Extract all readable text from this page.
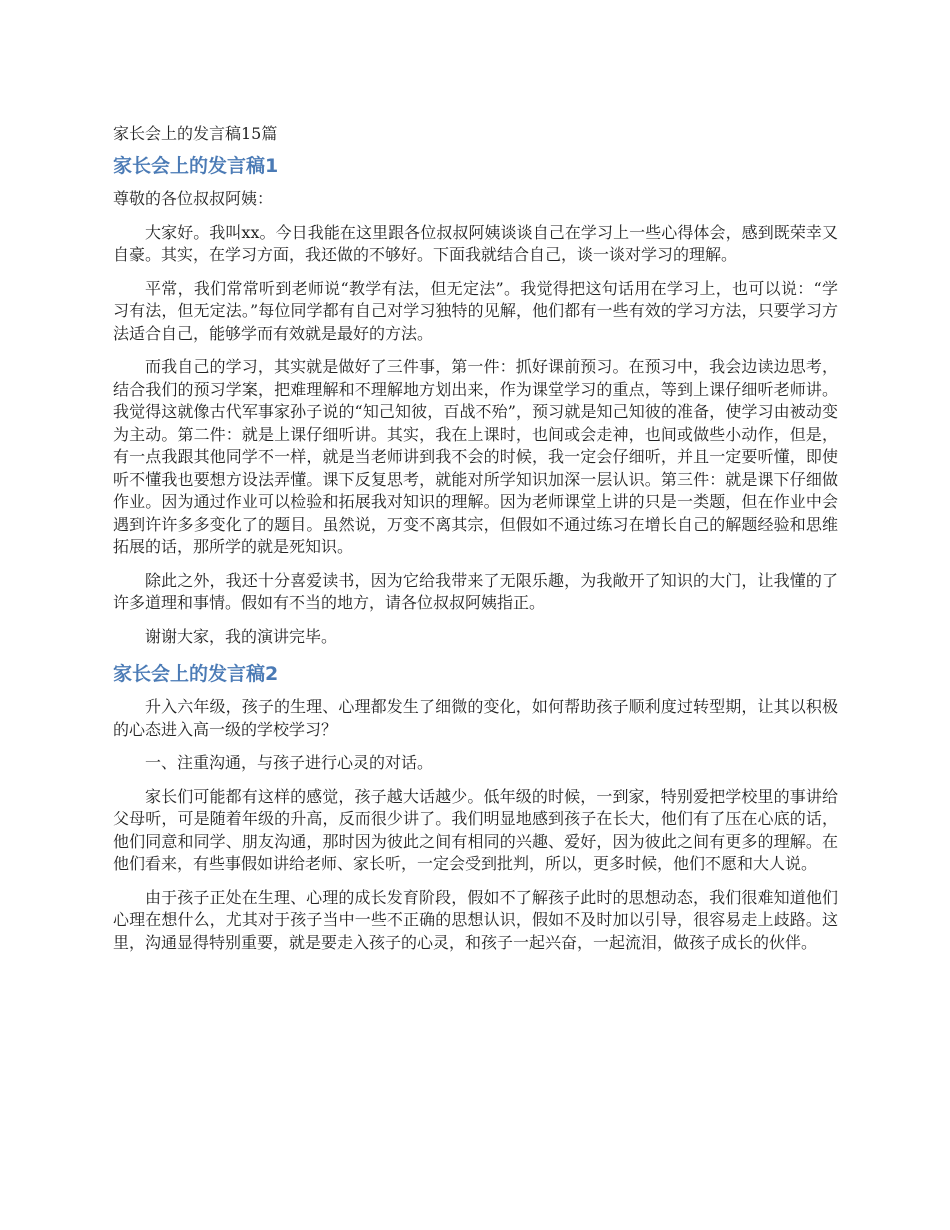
家长会上的发言稿15篇
家长会上的发言稿1
尊敬的各位叔叔阿姨：

大家好。我叫xx。今日我能在这里跟各位叔叔阿姨谈谈自己在学习上一些心得体会，感到既荣幸又自豪。其实，在学习方面，我还做的不够好。下面我就结合自己，谈一谈对学习的理解。

平常，我们常常听到老师说“教学有法，但无定法”。我觉得把这句话用在学习上，也可以说：“学习有法，但无定法。”每位同学都有自己对学习独特的见解，他们都有一些有效的学习方法，只要学习方法适合自己，能够学而有效就是最好的方法。

而我自己的学习，其实就是做好了三件事，第一件：抓好课前预习。在预习中，我会边读边思考，结合我们的预习学案，把难理解和不理解地方划出来，作为课堂学习的重点，等到上课仔细听老师讲。我觉得这就像古代军事家孙子说的“知己知彼，百战不殆”，预习就是知己知彼的准备，使学习由被动变为主动。第二件：就是上课仔细听讲。其实，我在上课时，也间或会走神，也间或做些小动作，但是，有一点我跟其他同学不一样，就是当老师讲到我不会的时候，我一定会仔细听，并且一定要听懂，即使听不懂我也要想方设法弄懂。课下反复思考，就能对所学知识加深一层认识。第三件：就是课下仔细做作业。因为通过作业可以检验和拓展我对知识的理解。因为老师课堂上讲的只是一类题，但在作业中会遇到许许多多变化了的题目。虽然说，万变不离其宗，但假如不通过练习在增长自己的解题经验和思维拓展的话，那所学的就是死知识。

除此之外，我还十分喜爱读书，因为它给我带来了无限乐趣，为我敞开了知识的大门，让我懂的了许多道理和事情。假如有不当的地方，请各位叔叔阿姨指正。

谢谢大家，我的演讲完毕。

家长会上的发言稿2

升入六年级，孩子的生理、心理都发生了细微的变化，如何帮助孩子顺利度过转型期，让其以积极的心态进入高一级的学校学习？

一、注重沟通，与孩子进行心灵的对话。

家长们可能都有这样的感觉，孩子越大话越少。低年级的时候，一到家，特别爱把学校里的事讲给父母听，可是随着年级的升高，反而很少讲了。我们明显地感到孩子在长大，他们有了压在心底的话，他们同意和同学、朋友沟通，那时因为彼此之间有相同的兴趣、爱好，因为彼此之间有更多的理解。在他们看来，有些事假如讲给老师、家长听，一定会受到批判，所以，更多时候，他们不愿和大人说。

由于孩子正处在生理、心理的成长发育阶段，假如不了解孩子此时的思想动态，我们很难知道他们心理在想什么，尤其对于孩子当中一些不正确的思想认识，假如不及时加以引导，很容易走上歧路。这里，沟通显得特别重要，就是要走入孩子的心灵，和孩子一起兴奋，一起流泪，做孩子成长的伙伴。
